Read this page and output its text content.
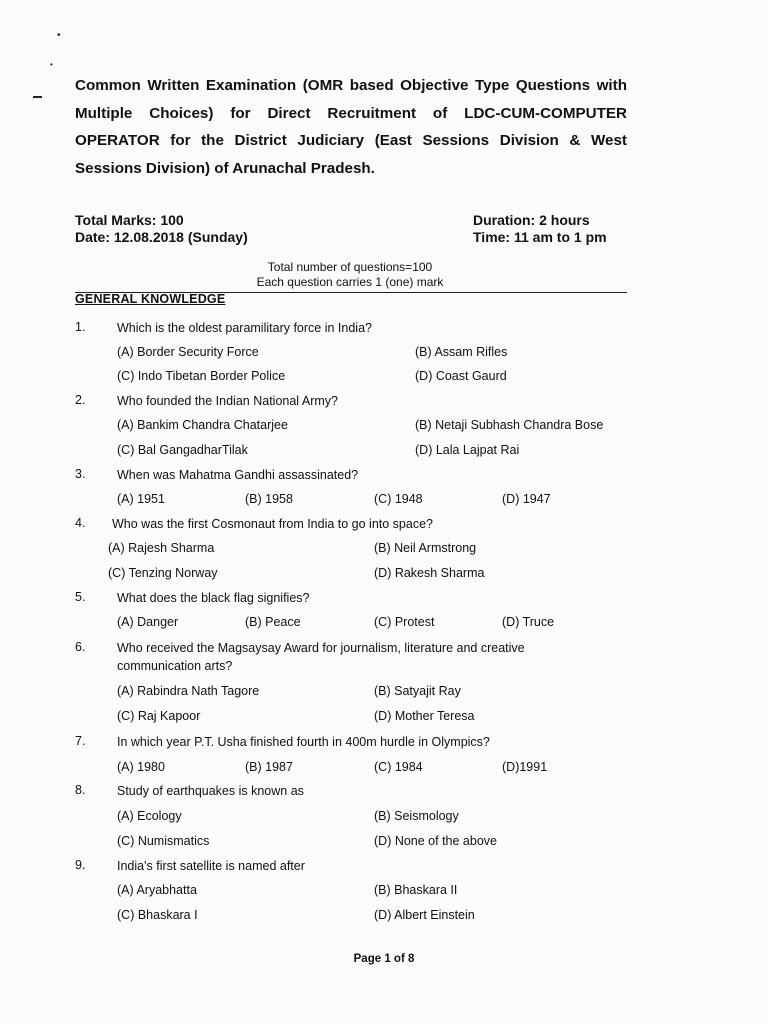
•
•
Common Written Examination (OMR based Objective Type Questions with Multiple Choices) for Direct Recruitment of LDC-CUM-COMPUTER OPERATOR for the District Judiciary (East Sessions Division & West Sessions Division) of Arunachal Pradesh.
Total Marks: 100
Date: 12.08.2018 (Sunday)
Duration: 2 hours
Time: 11 am to 1 pm
Total number of questions=100
Each question carries 1 (one) mark
GENERAL KNOWLEDGE
1.	Which is the oldest paramilitary force in India?
(A) Border Security Force	(B) Assam Rifles
(C) Indo Tibetan Border Police	(D) Coast Gaurd
2.	Who founded the Indian National Army?
(A) Bankim Chandra Chatarjee	(B) Netaji Subhash Chandra Bose
(C) Bal GangadharTilak	(D) Lala Lajpat Rai
3.	When was Mahatma Gandhi assassinated?
(A) 1951	(B) 1958	(C) 1948	(D) 1947
4. Who was the first Cosmonaut from India to go into space?
(A) Rajesh Sharma	(B) Neil Armstrong
(C) Tenzing Norway	(D) Rakesh Sharma
5.	What does the black flag signifies?
(A) Danger	(B) Peace	(C) Protest	(D) Truce
6.	Who received the Magsaysay Award for journalism, literature and creative communication arts?
(A) Rabindra Nath Tagore	(B) Satyajit Ray
(C) Raj Kapoor	(D) Mother Teresa
7.	In which year P.T. Usha finished fourth in 400m hurdle in Olympics?
(A) 1980	(B) 1987	(C) 1984	(D)1991
8.	Study of earthquakes is known as
(A) Ecology	(B) Seismology
(C) Numismatics	(D) None of the above
9.	India's first satellite is named after
(A) Aryabhatta	(B) Bhaskara II
(C) Bhaskara I	(D) Albert Einstein
Page 1 of 8
